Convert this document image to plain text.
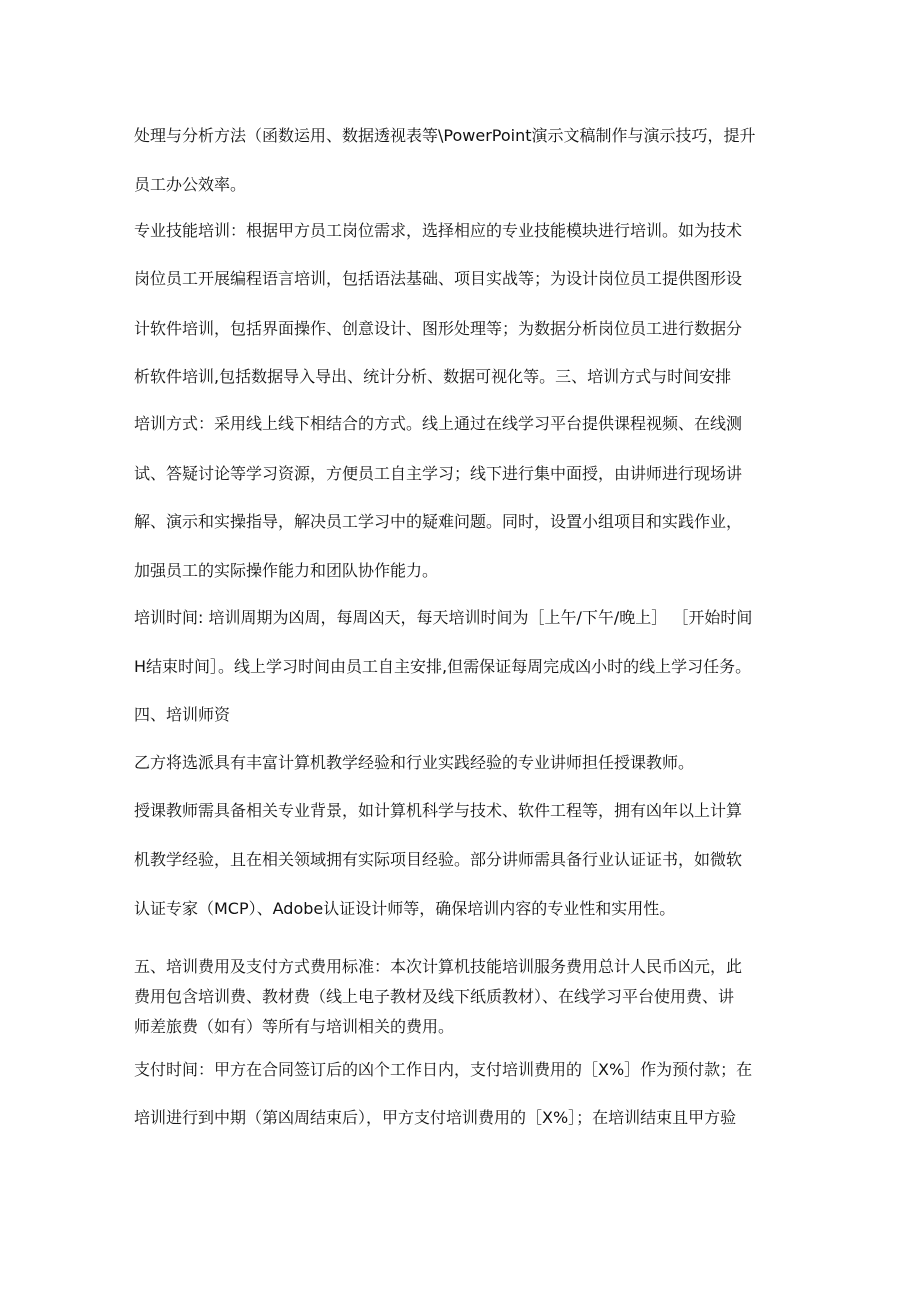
处理与分析方法（函数运用、数据透视表等\PowerPoint演示文稿制作与演示技巧，提升
员工办公效率。
专业技能培训：根据甲方员工岗位需求，选择相应的专业技能模块进行培训。如为技术
岗位员工开展编程语言培训，包括语法基础、项目实战等；为设计岗位员工提供图形设
计软件培训，包括界面操作、创意设计、图形处理等；为数据分析岗位员工进行数据分
析软件培训,包括数据导入导出、统计分析、数据可视化等。三、培训方式与时间安排
培训方式：采用线上线下相结合的方式。线上通过在线学习平台提供课程视频、在线测
试、答疑讨论等学习资源，方便员工自主学习；线下进行集中面授，由讲师进行现场讲
解、演示和实操指导，解决员工学习中的疑难问题。同时，设置小组项目和实践作业，
加强员工的实际操作能力和团队协作能力。
培训时间: 培训周期为凶周，每周凶天，每天培训时间为［上午/下午/晚上］ ［开始时间
H结束时间］。线上学习时间由员工自主安排,但需保证每周完成凶小时的线上学习任务。
四、培训师资
乙方将选派具有丰富计算机教学经验和行业实践经验的专业讲师担任授课教师。
授课教师需具备相关专业背景，如计算机科学与技术、软件工程等，拥有凶年以上计算
机教学经验，且在相关领域拥有实际项目经验。部分讲师需具备行业认证证书，如微软
认证专家（MCP）、Adobe认证设计师等，确保培训内容的专业性和实用性。
五、培训费用及支付方式费用标准：本次计算机技能培训服务费用总计人民币凶元，此
费用包含培训费、教材费（线上电子教材及线下纸质教材）、在线学习平台使用费、讲
师差旅费（如有）等所有与培训相关的费用。
支付时间：甲方在合同签订后的凶个工作日内，支付培训费用的［X%］作为预付款；在
培训进行到中期（第凶周结束后），甲方支付培训费用的［X%］；在培训结束且甲方验
